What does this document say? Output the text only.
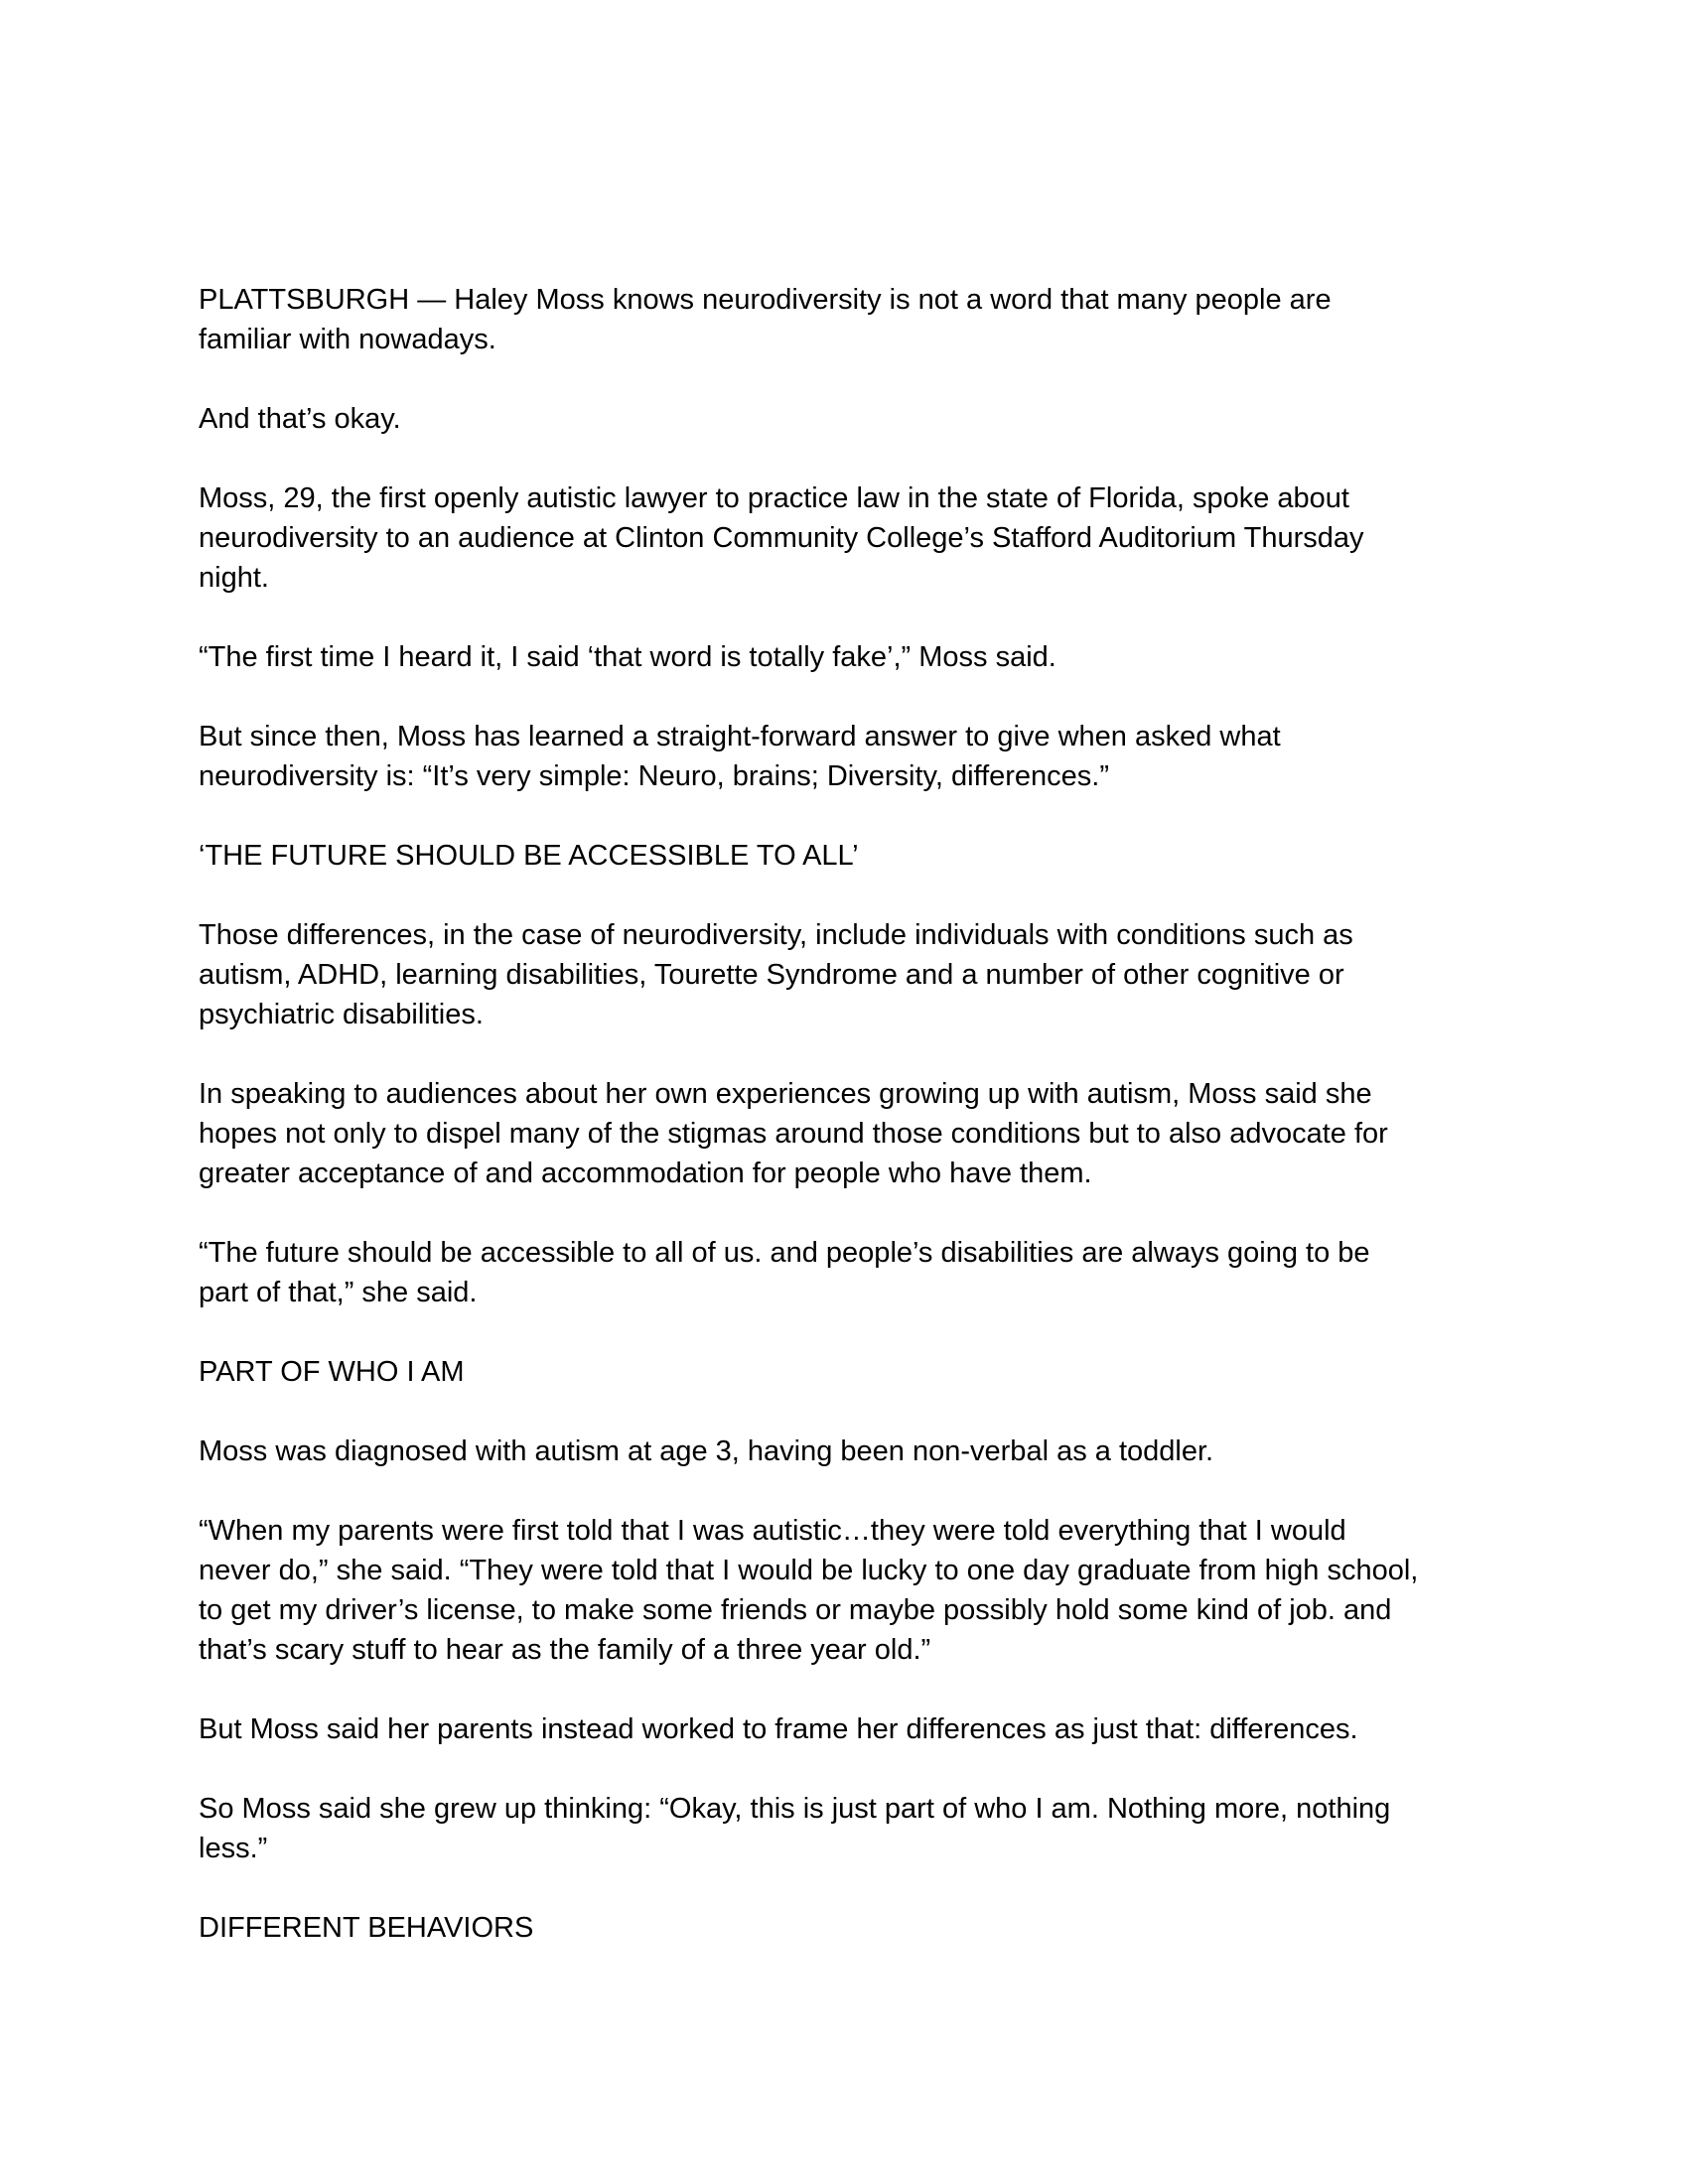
PLATTSBURGH — Haley Moss knows neurodiversity is not a word that many people are
familiar with nowadays.

And that’s okay.

Moss, 29, the first openly autistic lawyer to practice law in the state of Florida, spoke about
neurodiversity to an audience at Clinton Community College’s Stafford Auditorium Thursday
night.

“The first time I heard it, I said ‘that word is totally fake’,” Moss said.

But since then, Moss has learned a straight-forward answer to give when asked what
neurodiversity is: “It’s very simple: Neuro, brains; Diversity, differences.”

‘THE FUTURE SHOULD BE ACCESSIBLE TO ALL’

Those differences, in the case of neurodiversity, include individuals with conditions such as
autism, ADHD, learning disabilities, Tourette Syndrome and a number of other cognitive or
psychiatric disabilities.

In speaking to audiences about her own experiences growing up with autism, Moss said she
hopes not only to dispel many of the stigmas around those conditions but to also advocate for
greater acceptance of and accommodation for people who have them.

“The future should be accessible to all of us. and people’s disabilities are always going to be
part of that,” she said.

PART OF WHO I AM

Moss was diagnosed with autism at age 3, having been non-verbal as a toddler.

“When my parents were first told that I was autistic…they were told everything that I would
never do,” she said. “They were told that I would be lucky to one day graduate from high school,
to get my driver’s license, to make some friends or maybe possibly hold some kind of job. and
that’s scary stuff to hear as the family of a three year old.”

But Moss said her parents instead worked to frame her differences as just that: differences.

So Moss said she grew up thinking: “Okay, this is just part of who I am. Nothing more, nothing
less.”

DIFFERENT BEHAVIORS
